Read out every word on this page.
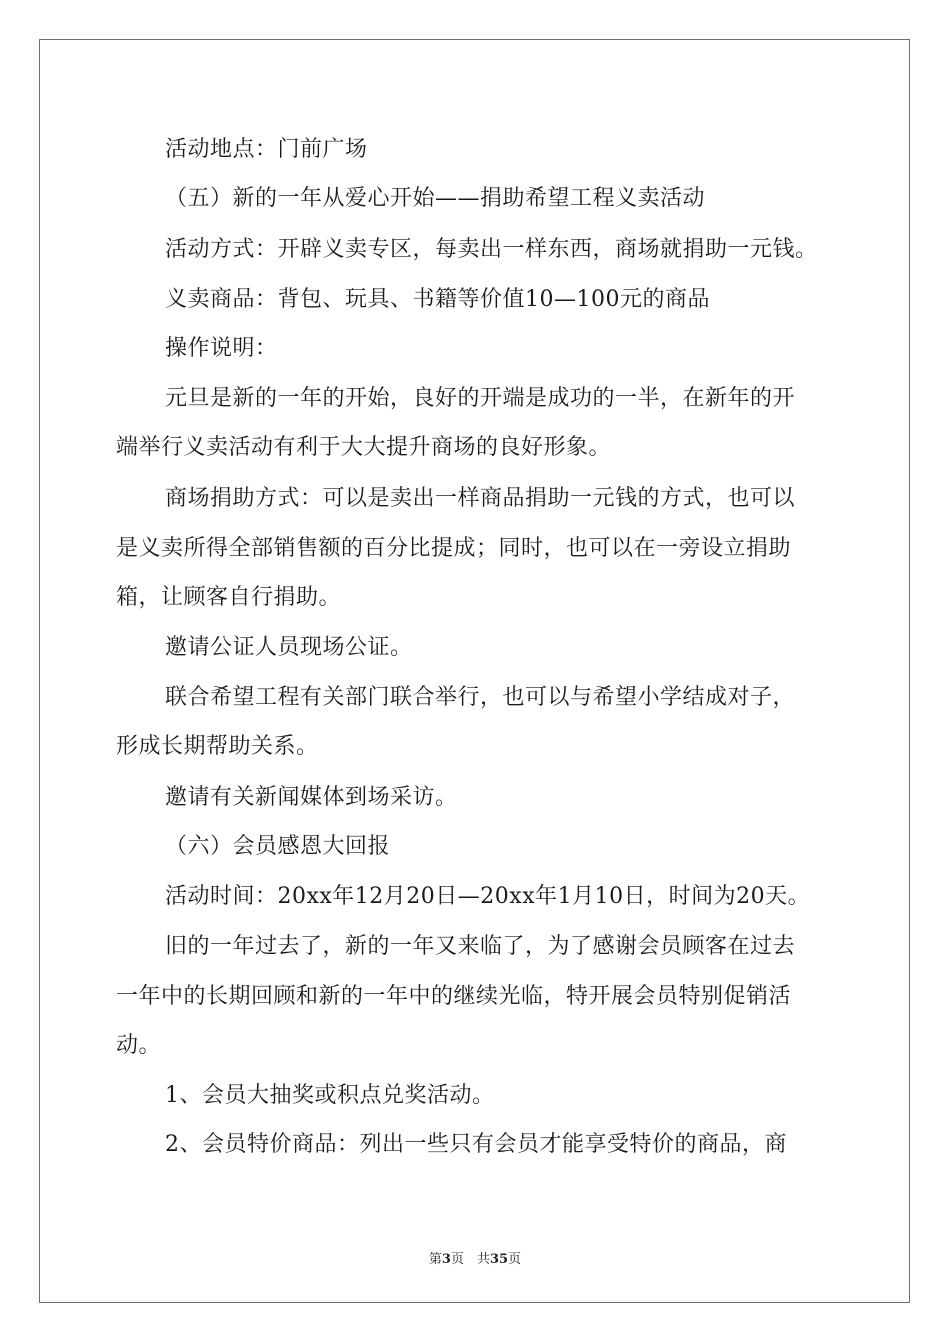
活动地点：门前广场
（五）新的一年从爱心开始——捐助希望工程义卖活动
活动方式：开辟义卖专区，每卖出一样东西，商场就捐助一元钱。
义卖商品：背包、玩具、书籍等价值10—100元的商品
操作说明：
元旦是新的一年的开始，良好的开端是成功的一半，在新年的开
端举行义卖活动有利于大大提升商场的良好形象。
商场捐助方式：可以是卖出一样商品捐助一元钱的方式，也可以
是义卖所得全部销售额的百分比提成；同时，也可以在一旁设立捐助
箱，让顾客自行捐助。
邀请公证人员现场公证。
联合希望工程有关部门联合举行，也可以与希望小学结成对子，
形成长期帮助关系。
邀请有关新闻媒体到场采访。
（六）会员感恩大回报
活动时间：20xx年12月20日—20xx年1月10日，时间为20天。
旧的一年过去了，新的一年又来临了，为了感谢会员顾客在过去
一年中的长期回顾和新的一年中的继续光临，特开展会员特别促销活
动。
1、会员大抽奖或积点兑奖活动。
2、会员特价商品：列出一些只有会员才能享受特价的商品，商
第3页　共35页
